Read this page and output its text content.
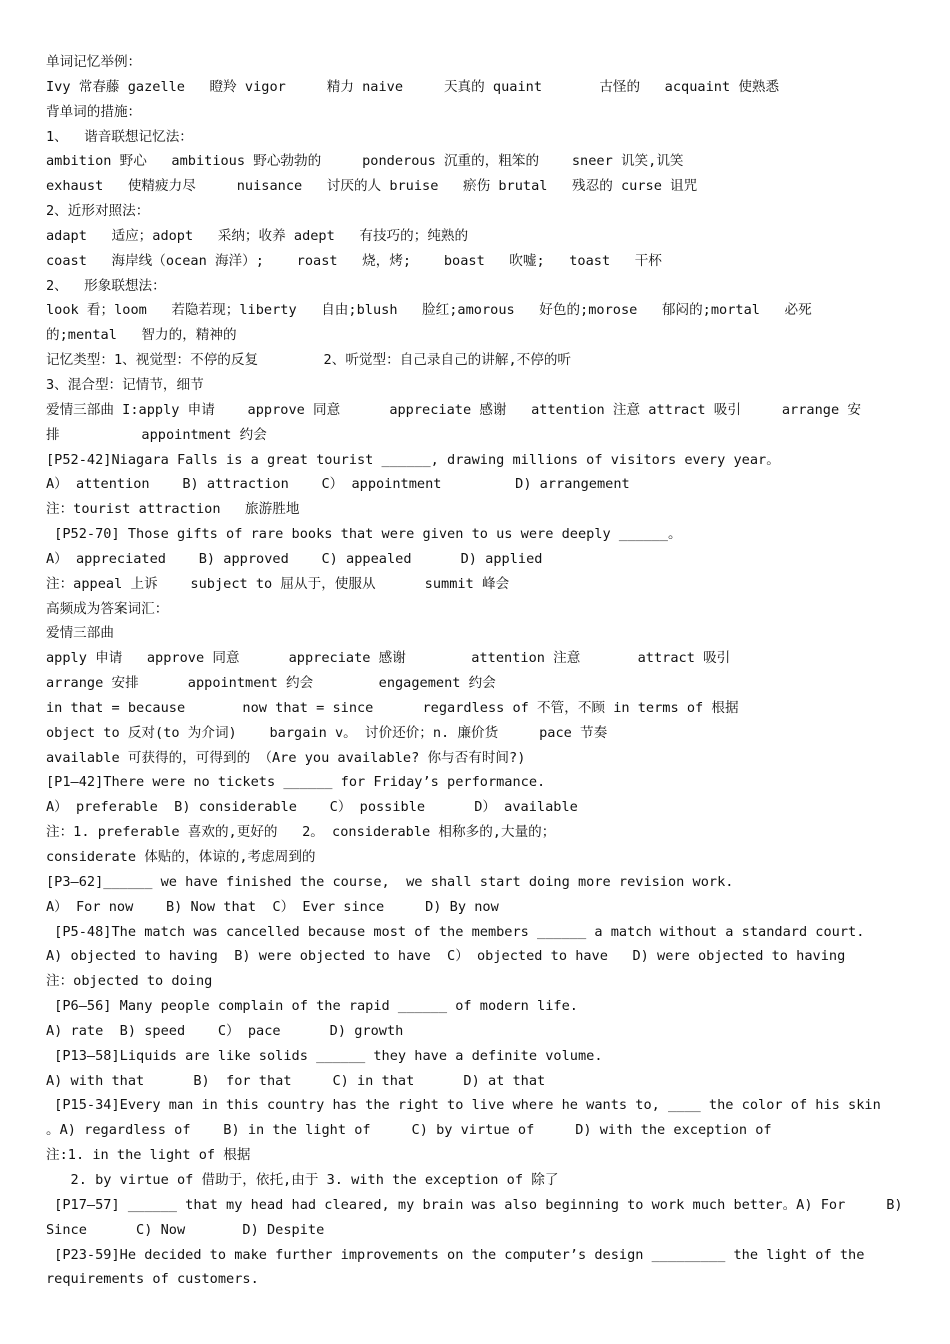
单词记忆举例：
Ivy 常春藤 gazelle   瞪羚 vigor     精力 naive     天真的 quaint       古怪的   acquaint 使熟悉
背单词的措施：
1、  谐音联想记忆法：
ambition 野心   ambitious 野心勃勃的     ponderous 沉重的，粗笨的    sneer 讥笑,讥笑
exhaust   使精疲力尽     nuisance   讨厌的人 bruise   瘀伤 brutal   残忍的 curse 诅咒
2、近形对照法：
adapt   适应；adopt   采纳；收养 adept   有技巧的；纯熟的
coast   海岸线（ocean 海洋）;    roast   烧，烤;    boast   吹嘘;   toast   干杯
2、  形象联想法：
look 看；loom   若隐若现；liberty   自由;blush   脸红;amorous   好色的;morose   郁闷的;mortal   必死
的;mental   智力的，精神的
记忆类型：1、视觉型：不停的反复        2、听觉型：自己录自己的讲解,不停的听
3、混合型：记情节，细节
爱情三部曲 I:apply 申请    approve 同意      appreciate 感谢   attention 注意 attract 吸引     arrange 安
排          appointment 约会
[P52-42]Niagara Falls is a great tourist ______, drawing millions of visitors every year。
A） attention    B) attraction    C） appointment         D) arrangement
注：tourist attraction   旅游胜地
[P52-70] Those gifts of rare books that were given to us were deeply ______。
A） appreciated    B) approved    C) appealed      D) applied
注：appeal 上诉    subject to 屈从于，使服从      summit 峰会
高频成为答案词汇：
爱情三部曲
apply 申请   approve 同意      appreciate 感谢        attention 注意       attract 吸引
arrange 安排      appointment 约会        engagement 约会
in that = because       now that = since      regardless of 不管，不顾 in terms of 根据
object to 反对(to 为介词)    bargain v。 讨价还价；n. 廉价货     pace 节奏
available 可获得的，可得到的 （Are you available? 你与否有时间?)
[P1—42]There were no tickets ______ for Friday’s performance.
A） preferable  B) considerable    C） possible      D） available
注：1. preferable 喜欢的,更好的   2。 considerable 相称多的,大量的；
considerate 体贴的，体谅的,考虑周到的
[P3—62]______ we have finished the course,  we shall start doing more revision work.
A） For now    B) Now that  C） Ever since     D) By now
[P5-48]The match was cancelled because most of the members ______ a match without a standard court.
A) objected to having  B) were objected to have  C） objected to have   D) were objected to having
注：objected to doing
[P6—56] Many people complain of the rapid ______ of modern life.
A) rate  B) speed    C） pace      D) growth
[P13—58]Liquids are like solids ______ they have a definite volume.
A) with that      B)  for that     C) in that      D) at that
[P15-34]Every man in this country has the right to live where he wants to, ____ the color of his skin
。A) regardless of    B) in the light of     C) by virtue of     D) with the exception of
注:1. in the light of 根据
2. by virtue of 借助于，依托,由于 3. with the exception of 除了
[P17—57] ______ that my head had cleared, my brain was also beginning to work much better。A) For     B)
Since      C) Now       D) Despite
[P23-59]He decided to make further improvements on the computer’s design _________ the light of the
requirements of customers.
